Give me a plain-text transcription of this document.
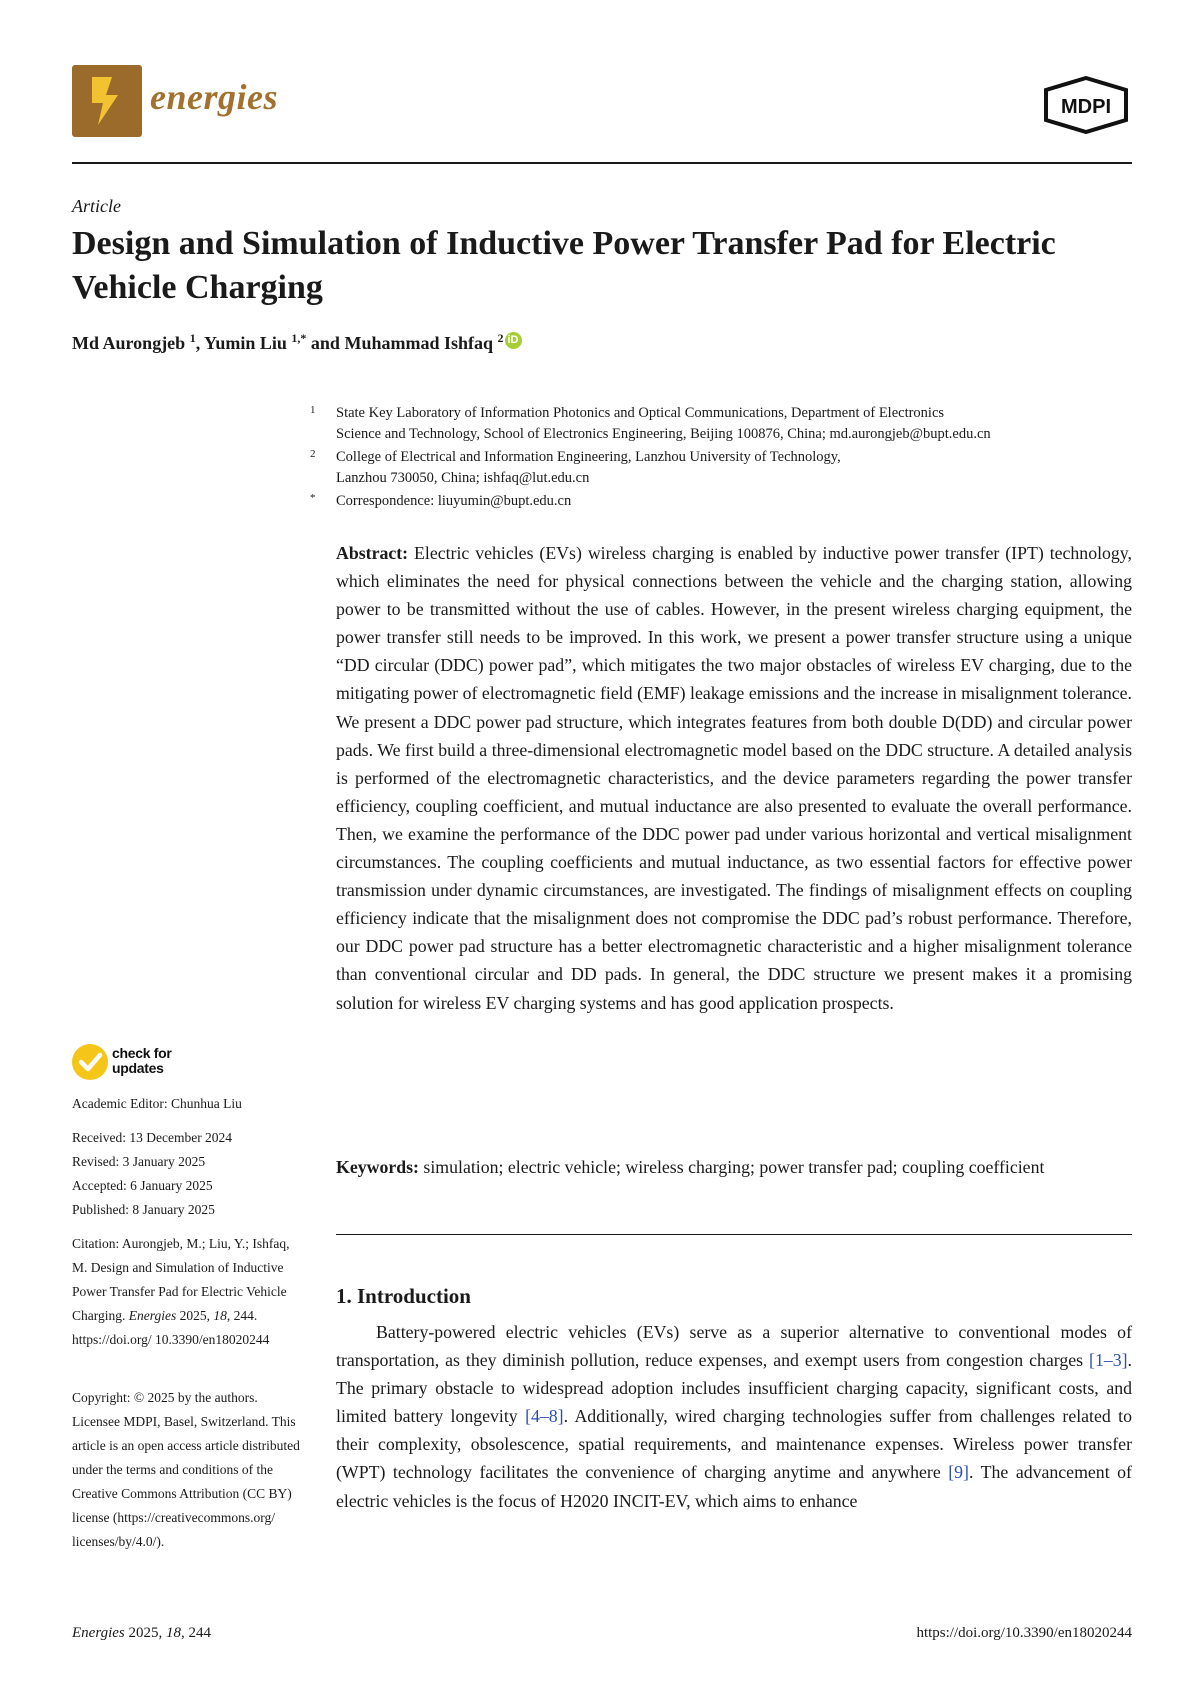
energies	MDPI
Article
Design and Simulation of Inductive Power Transfer Pad for Electric Vehicle Charging
Md Aurongjeb $^1$, Yumin Liu $^{1,*}$ and Muhammad Ishfaq $^2$ iD
1 State Key Laboratory of Information Photonics and Optical Communications, Department of Electronics
Science and Technology, School of Electronics Engineering, Beijing 100876, China; md.aurongjeb@bupt.edu.cn
2 College of Electrical and Information Engineering, Lanzhou University of Technology,
Lanzhou 730050, China; ishfaq@lut.edu.cn
* Correspondence: liuyumin@bupt.edu.cn
Abstract: Electric vehicles (EVs) wireless charging is enabled by inductive power transfer (IPT) technology, which eliminates the need for physical connections between the vehicle and the charging station, allowing power to be transmitted without the use of cables. However, in the present wireless charging equipment, the power transfer still needs to be improved. In this work, we present a power transfer structure using a unique “DD circular (DDC) power pad”, which mitigates the two major obstacles of wireless EV charging, due to the mitigating power of electromagnetic field (EMF) leakage emissions and the increase in misalignment tolerance. We present a DDC power pad structure, which integrates features from both double D(DD) and circular power pads. We first build a three-dimensional electromagnetic model based on the DDC structure. A detailed analysis is performed of the electromagnetic characteristics, and the device parameters regarding the power transfer efficiency, coupling coefficient, and mutual inductance are also presented to evaluate the overall performance. Then, we examine the performance of the DDC power pad under various horizontal and vertical misalignment circumstances. The coupling coefficients and mutual inductance, as two essential factors for effective power transmission under dynamic circumstances, are investigated. The findings of misalignment effects on coupling efficiency indicate that the misalignment does not compromise the DDC pad’s robust performance. Therefore, our DDC power pad structure has a better electromagnetic characteristic and a higher misalignment tolerance than conventional circular and DD pads. In general, the DDC structure we present makes it a promising solution for wireless EV charging systems and has good application prospects.
Keywords: simulation; electric vehicle; wireless charging; power transfer pad; coupling coefficient
1. Introduction
Battery-powered electric vehicles (EVs) serve as a superior alternative to conventional modes of transportation, as they diminish pollution, reduce expenses, and exempt users from congestion charges [1–3]. The primary obstacle to widespread adoption includes insufficient charging capacity, significant costs, and limited battery longevity [4–8]. Additionally, wired charging technologies suffer from challenges related to their complexity, obsolescence, spatial requirements, and maintenance expenses. Wireless power transfer (WPT) technology facilitates the convenience of charging anytime and anywhere [9]. The advancement of electric vehicles is the focus of H2020 INCIT-EV, which aims to enhance
check for
updates
Academic Editor: Chunhua Liu
Received: 13 December 2024
Revised: 3 January 2025
Accepted: 6 January 2025
Published: 8 January 2025
Citation: Aurongjeb, M.; Liu, Y.; Ishfaq, M. Design and Simulation of Inductive Power Transfer Pad for Electric Vehicle Charging. Energies 2025, 18, 244. https://doi.org/ 10.3390/en18020244
Copyright: © 2025 by the authors. Licensee MDPI, Basel, Switzerland. This article is an open access article distributed under the terms and conditions of the Creative Commons Attribution (CC BY) license (https://creativecommons.org/ licenses/by/4.0/).
Energies 2025, 18, 244	https://doi.org/10.3390/en18020244
